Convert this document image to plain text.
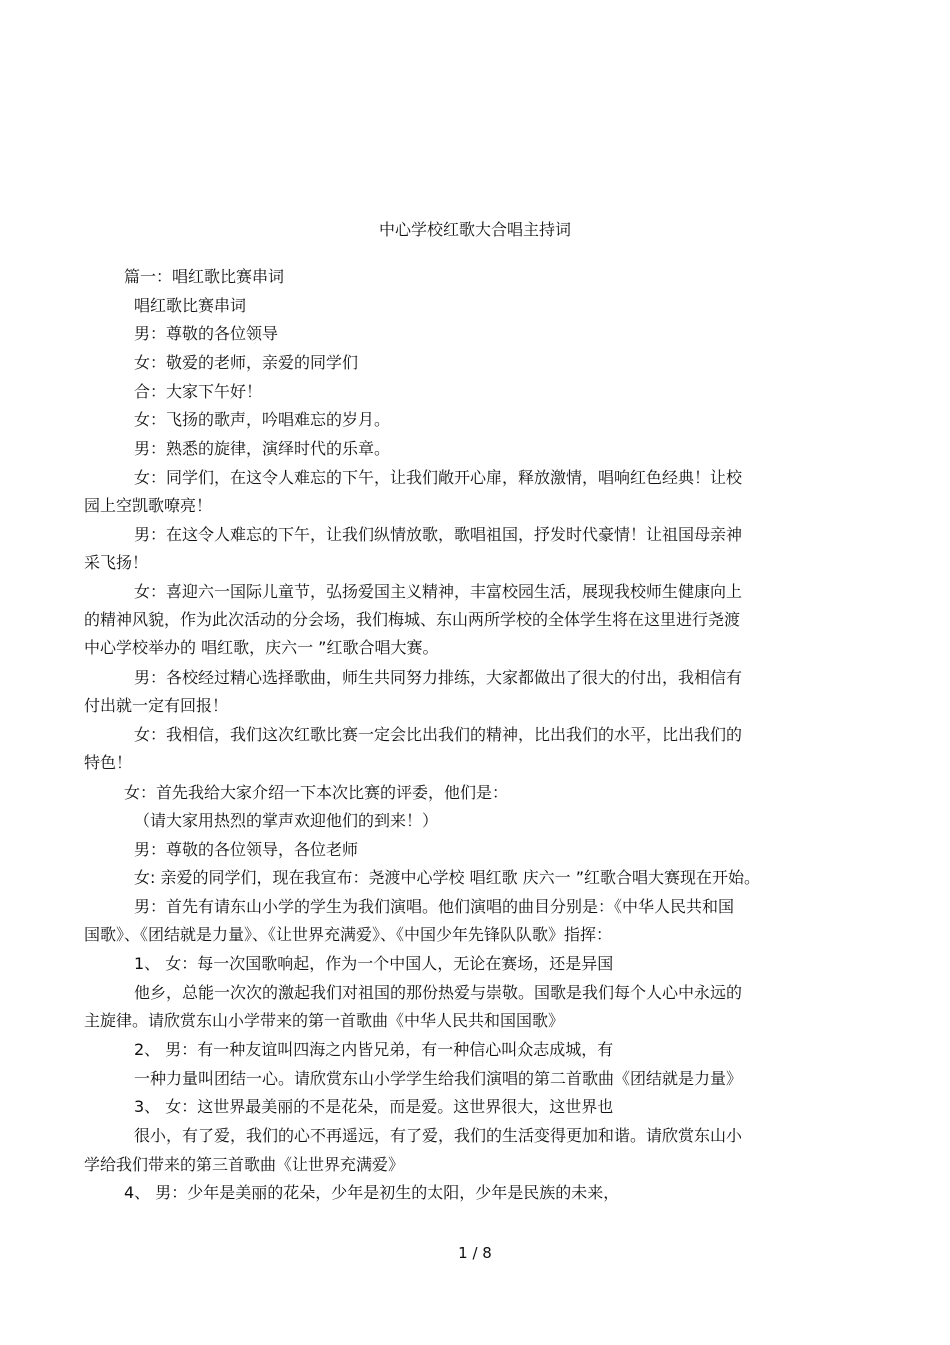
中心学校红歌大合唱主持词
篇一：唱红歌比赛串词
唱红歌比赛串词
男：尊敬的各位领导
女：敬爱的老师，亲爱的同学们
合：大家下午好！
女：飞扬的歌声，吟唱难忘的岁月。
男：熟悉的旋律，演绎时代的乐章。
女：同学们，在这令人难忘的下午，让我们敞开心扉，释放激情，唱响红色经典！让校
园上空凯歌嘹亮！
男：在这令人难忘的下午，让我们纵情放歌，歌唱祖国，抒发时代豪情！让祖国母亲神
采飞扬！
女：喜迎六一国际儿童节，弘扬爱国主义精神，丰富校园生活，展现我校师生健康向上
的精神风貌，作为此次活动的分会场，我们梅城、东山两所学校的全体学生将在这里进行尧渡
中心学校举办的 唱红歌，庆六一 ”红歌合唱大赛。
男：各校经过精心选择歌曲，师生共同努力排练，大家都做出了很大的付出，我相信有
付出就一定有回报！
女：我相信，我们这次红歌比赛一定会比出我们的精神，比出我们的水平，比出我们的
特色！
女：首先我给大家介绍一下本次比赛的评委，他们是：
（请大家用热烈的掌声欢迎他们的到来！）
男：尊敬的各位领导，各位老师
女: 亲爱的同学们，现在我宣布：尧渡中心学校 唱红歌 庆六一 ”红歌合唱大赛现在开始。
男：首先有请东山小学的学生为我们演唱。他们演唱的曲目分别是：《中华人民共和国
国歌》、《团结就是力量》、《让世界充满爱》、《中国少年先锋队队歌》指挥：
1、 女：每一次国歌响起，作为一个中国人，无论在赛场，还是异国
他乡，总能一次次的激起我们对祖国的那份热爱与崇敬。国歌是我们每个人心中永远的
主旋律。请欣赏东山小学带来的第一首歌曲《中华人民共和国国歌》
2、 男：有一种友谊叫四海之内皆兄弟，有一种信心叫众志成城，有
一种力量叫团结一心。请欣赏东山小学学生给我们演唱的第二首歌曲《团结就是力量》
3、 女：这世界最美丽的不是花朵，而是爱。这世界很大，这世界也
很小，有了爱，我们的心不再遥远，有了爱，我们的生活变得更加和谐。请欣赏东山小
学给我们带来的第三首歌曲《让世界充满爱》
4、 男：少年是美丽的花朵，少年是初生的太阳，少年是民族的未来，
1 / 8
